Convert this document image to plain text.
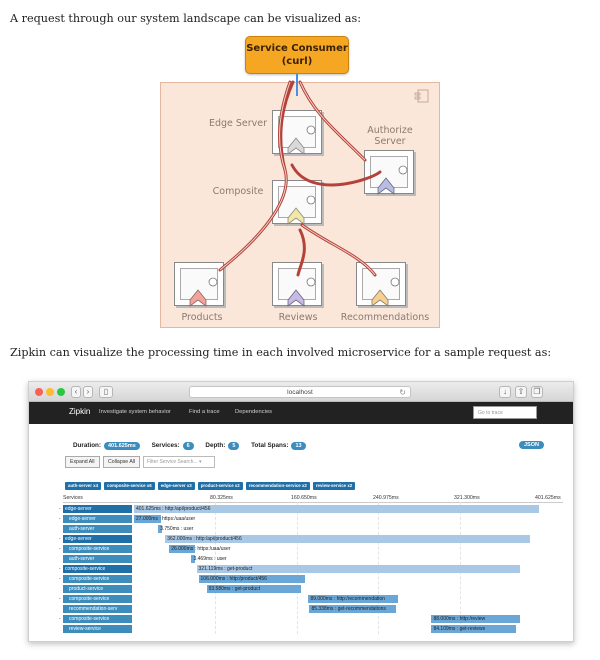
A request through our system landscape can be visualized as:
Service Consumer
(curl)
Edge Server
Authorize
Server
Composite
Products	Reviews	Recommendations
Zipkin can visualize the processing time in each involved microservice for a sample request as:
‹	›	▯	localhost	↻	↓	⇧	❐
Zipkin Investigate system behavior	Find a trace	Dependencies	Go to trace
Duration: 401.625ms	Services: 6	Depth: 5	Total Spans: 13	JSON
Expand All	Collapse All	Filter Service Search... ▾
auth-server x4 composite-service x6 edge-server x3 product-service x2 recommendation-service x2 review-service x2
Services	80.325ms	160.650ms	240.975ms	321.300ms	401.625ms
- edge-server	401.625ms : http:/api/product/456
-	edge-server	27.000ms : https:/uaa/user
auth-server	3.750ms : user
- edge-server	362.000ms : http:/api/product/456
-	composite-service	26.000ms : https:/uaa/user
auth-server	3.469ms : user
- composite-service	321.119ms : get-product
-	composite-service	106.000ms : http:/product/456
product-service	93.580ms : get-product
-	composite-service	89.000ms : http:/recommendation
recommendation-serv	85.338ms : get-recommendations
-	composite-service	88.000ms : http:/review
review-service	84.109ms : get-reviews
